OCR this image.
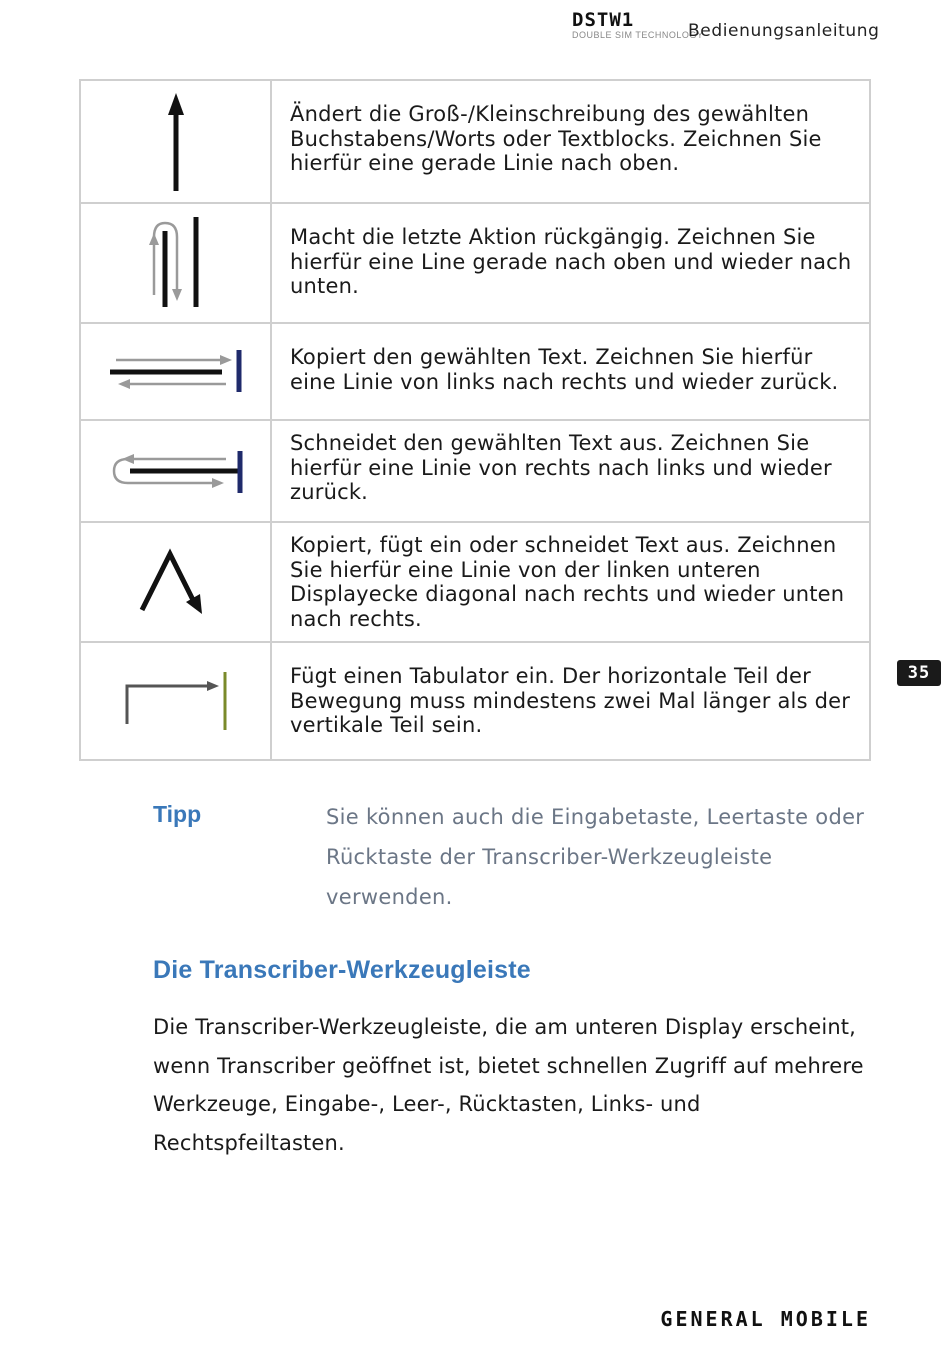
DSTW1
DOUBLE SIM TECHNOLOGY
Bedienungsanleitung
	Ändert die Groß-/Kleinschreibung des gewählten Buchstabens/Worts oder Textblocks. Zeichnen Sie hierfür eine gerade Linie nach oben.

	Macht die letzte Aktion rückgängig. Zeichnen Sie hierfür eine Line gerade nach oben und wieder nach unten.

	Kopiert den gewählten Text. Zeichnen Sie hierfür eine Linie von links nach rechts und wieder zurück.

	Schneidet den gewählten Text aus. Zeichnen Sie hierfür eine Linie von rechts nach links und wieder zurück.

	Kopiert, fügt ein oder schneidet Text aus. Zeichnen Sie hierfür eine Linie von der linken unteren Displayecke diagonal nach rechts und wieder unten nach rechts.

	Fügt einen Tabulator ein. Der horizontale Teil der Bewegung muss mindestens zwei Mal länger als der vertikale Teil sein.
35
Tipp	Sie können auch die Eingabetaste, Leertaste oder Rücktaste der Transcriber-Werkzeugleiste verwenden.
Die Transcriber-Werkzeugleiste
Die Transcriber-Werkzeugleiste, die am unteren Display erscheint, wenn Transcriber geöffnet ist, bietet schnellen Zugriff auf mehrere Werkzeuge, Eingabe-, Leer-, Rücktasten, Links- und Rechtspfeiltasten.
GENERAL MOBILE
